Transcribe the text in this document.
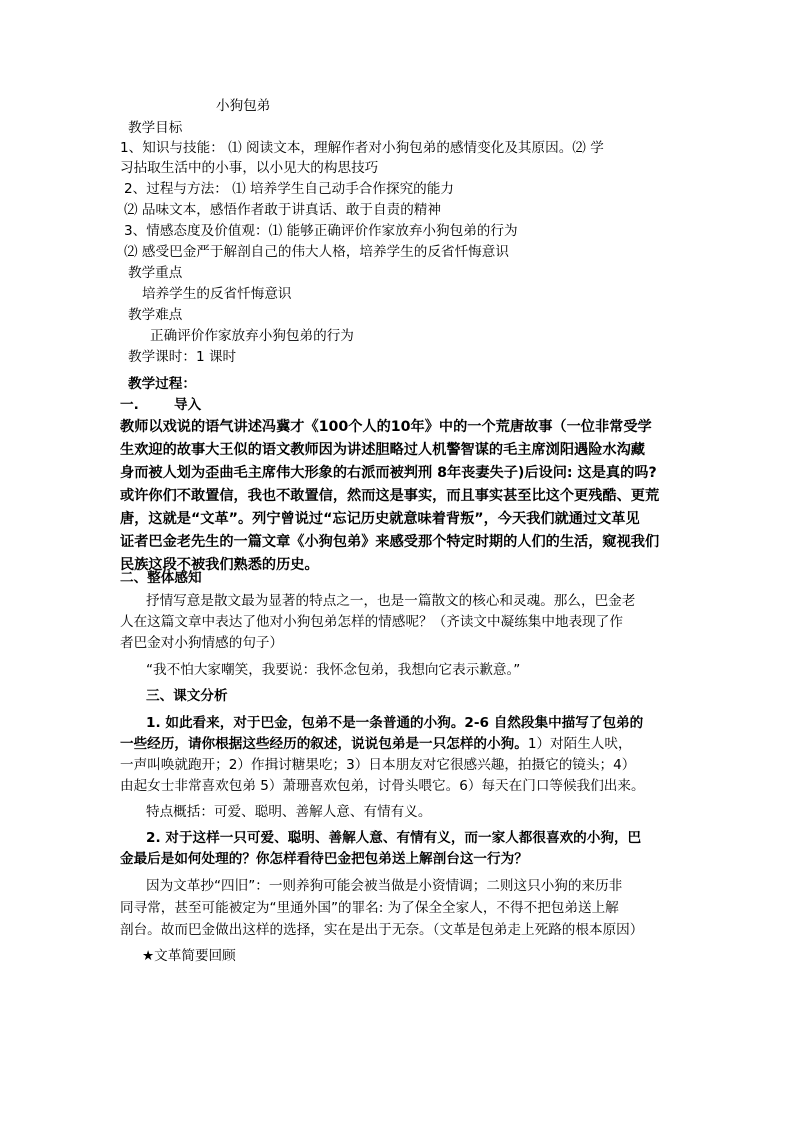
小狗包弟
教学目标
1、知识与技能： ⑴ 阅读文本，理解作者对小狗包弟的感情变化及其原因。⑵ 学
习拈取生活中的小事，以小见大的构思技巧
2、过程与方法： ⑴ 培养学生自己动手合作探究的能力
⑵ 品味文本，感悟作者敢于讲真话、敢于自责的精神
3、情感态度及价值观：⑴ 能够正确评价作家放弃小狗包弟的行为
⑵ 感受巴金严于解剖自己的伟大人格，培养学生的反省忏悔意识
教学重点
培养学生的反省忏悔意识
教学难点
正确评价作家放弃小狗包弟的行为
教学课时：1 课时
教学过程：
一.	导入
教师以戏说的语气讲述冯冀才《100个人的10年》中的一个荒唐故事（一位非常受学
生欢迎的故事大王似的语文教师因为讲述胆略过人机警智谋的毛主席浏阳遇险水沟藏
身而被人划为歪曲毛主席伟大形象的右派而被判刑 8年丧妻失子)后设问: 这是真的吗?
或许你们不敢置信，我也不敢置信，然而这是事实，而且事实甚至比这个更残酷、更荒
唐，这就是“文革”。列宁曾说过“忘记历史就意味着背叛”，今天我们就通过文革见
证者巴金老先生的一篇文章《小狗包弟》来感受那个特定时期的人们的生活，窥视我们
民族这段不被我们熟悉的历史。
二、整体感知
抒情写意是散文最为显著的特点之一，也是一篇散文的核心和灵魂。那么，巴金老
人在这篇文章中表达了他对小狗包弟怎样的情感呢？（齐读文中凝练集中地表现了作
者巴金对小狗情感的句子）
“我不怕大家嘲笑，我要说：我怀念包弟，我想向它表示歉意。”
三、课文分析
1. 如此看来，对于巴金，包弟不是一条普通的小狗。2-6 自然段集中描写了包弟的
一些经历，请你根据这些经历的叙述，说说包弟是一只怎样的小狗。1）对陌生人吠，
一声叫唤就跑开；2）作揖讨糖果吃；3）日本朋友对它很感兴趣，拍摄它的镜头；4）
由起女士非常喜欢包弟 5）萧珊喜欢包弟，讨骨头喂它。6）每天在门口等候我们出来。
特点概括：可爱、聪明、善解人意、有情有义。
2. 对于这样一只可爱、聪明、善解人意、有情有义，而一家人都很喜欢的小狗，巴
金最后是如何处理的？你怎样看待巴金把包弟送上解剖台这一行为？
因为文革抄“四旧”：一则养狗可能会被当做是小资情调；二则这只小狗的来历非
同寻常，甚至可能被定为“里通外国”的罪名: 为了保全全家人，不得不把包弟送上解
剖台。故而巴金做出这样的选择，实在是出于无奈。（文革是包弟走上死路的根本原因）
★文革简要回顾
